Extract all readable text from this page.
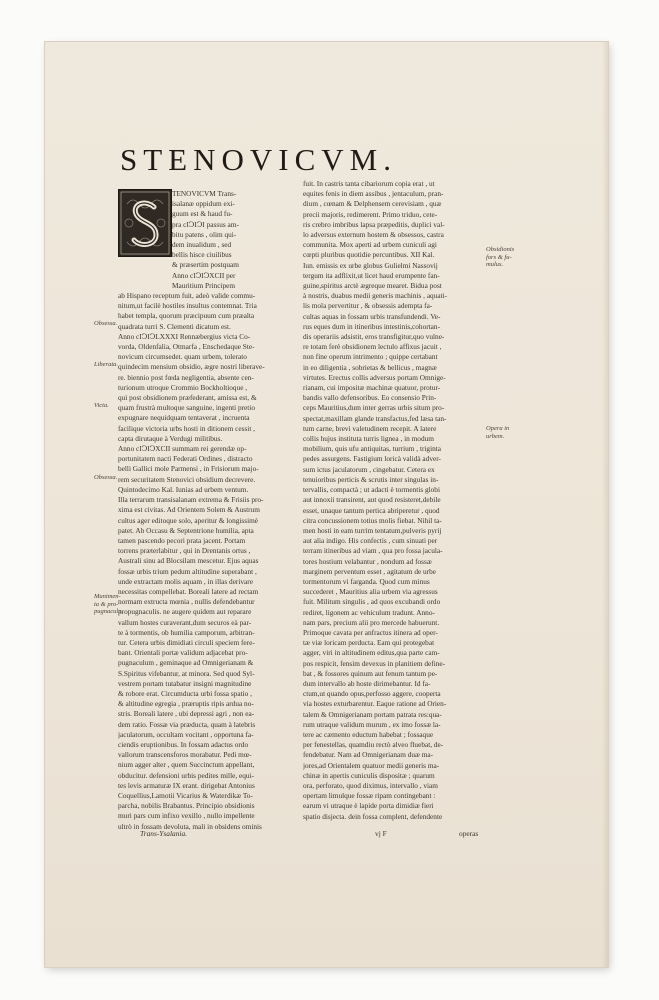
STENOVICVM.
TENOVICVM Trans-
isalanæ oppidum exi-
guum est & haud fu-
pra cIↃIↃI passus am-
bitu patens , olim qui-
dem inualidum , sed
bellis hisce ciuilibus
& præsertim postquam
Anno cIↃIↃXCII per
Mauritium Principem
ab Hispano receptum fuit, adeò valide commu-
nitum,ut facilè hostiles insultus contemnat. Tria
habet templa, quorum præcipuum cum præalta
quadrata turri S. Clementi dicatum est.
Anno cIↃIↃLXXXI Rennæbergius victa Co-
vorda, Oldenfalia, Otmarfa , Enschedaque Ste-
novicum circumsedet. quam urbem, tolerato
quindecim mensium obsidio, ægre nostri liberave-
re. biennio post fœda negligentia, absente cen-
turionum utroque Crommio Bockholtioque ,
qui post obsidionem præfederant, amissa est, &
quam frustrà multoque sanguine, ingenti pretio
expugnare nequidquam tentaverat , incruenta
facilique victoria urbs hosti in ditionem cessit ,
capta dirutaque à Verdugi militibus.
Anno cIↃIↃXCII summam rei gerendæ op-
portunitatem nacti Federati Ordines , distracto
belli Gallici mole Parmensi , in Frisiorum majo-
rem securitatem Stenovici obsidium decrevere.
Quintodecimo Kal. Iunias ad urbem ventum.
Illa terrarum transisalanam extrema & Frisiis pro-
xima est civitas. Ad Orientem Solem & Austrum
cultus ager editoque solo, aperitur & longissimè
patet. Ab Occasu & Septentrione humilia, apta
tamen pascendo pecori prata jacent. Portam
torrens præterlabitur , qui in Drentanis ortus ,
Australi sinu ad Blocsilam mescetur. Ejus aquas
fossæ urbis trium pedum altitudine superabant ,
unde extractam molis aquam , in illas derivare
necessitas compellebat. Boreali latere ad rectam
normam extructa mœnia , nullis defendebantur
propugnaculis. ne augere quidem aut reparare
vallum hostes curaverant,dum securos eà par-
te à tormentis, ob humilia camporum, arbitran-
tur. Cetera urbis dimidiati circuli speciem fere-
bant. Orientali portæ validum adjacebat pro-
pugnaculum , geminaque ad Omnigerianam &
S.Spiritus vifebantur, at minora. Sed quod Syl-
vestrem portam tutabatur insigni magnitudine
& robore erat. Circumducta urbi fossa spatio ,
& altitudine egregia , præruptis ripis ardua no-
stris. Boreali latere , ubi depressi agri , non ea-
dem ratio. Fossæ via præducta, quam à latebris
jaculatorum, occultam vocitant , opportuna fa-
ciendis eruptionibus. In fossam adactus ordo
vallorum transcensforos morabatur. Pedi mœ-
nium agger alter , quem Succinctum appellant,
obducitur. defensioni urbis pedites mille, equi-
tes levis armaturæ IX erant. dirigebat Antonius
Coquellius,Lamotii Vicarius & Waterdikæ To-
parcha, nobilis Brabantus. Principio obsidionis
muri pars cum infixo vexillo , nullo impellente
ultrò in fossam devoluta, mali in obsidens ominis
fuit. In castris tanta cibariorum copia erat , ut
equites fenis in diem assibus , jentaculum, pran-
dium , cœnam & Delphensem cerevisiam , quæ
precii majoris, redimerent. Primo triduo, cete-
ris crebro imbribus lapsa præpeditis, duplici val-
lo adversus externum hostem & obsessos, castra
communita. Mox aperti ad urbem cuniculi agi
cœpti pluribus quotidie percuntibus. XII Kal.
Iun. emissis ex urbe globus Gulielmi Nassovij
tergum ita adflixit,ut licet haud erumpente fan-
guine,spiritus arctè ægreque mearet. Bidua post
à nostris, duabus medii generis machinis , aquati-
lis mola pervertitur , & obsessis adempta fa-
cultas aquas in fossam urbis transfundendi. Ve-
rus eques dum in itineribus intestinis,cohortan-
dis operariis adsistit, eros transfigitur,quo vulne-
re totam ferè obsidionem lectulo affixus jacuit ,
non fine operum intrimento ; quippe certabant
in eo diligentia , sobrietas & bellicus , magnæ
virtutes. Erectus collis adversus portam Omnige-
rianam, cui impositæ machinæ quatuor, protur-
bandis vallo defensoribus. Eo consensio Prin-
ceps Mauritius,dum inter gerras urbis situm pro-
spectat,maxillam glande transfactus,fed læsa tan-
tum carne, brevi valetudinem recepit. A latere
collis hujus instituta turris lignea , in modum
mobilium, quis ufu antiquitas, turrium , triginta
pedes assurgens. Fastigium loricà validà adver-
sum ictus jaculatorum , cingebatur. Cetera ex
tenuioribus perticis & scrutis inter singulas in-
tervallis, compactà ; ut adacti è tormentis globi
aut innoxii transirent, aut quod resisteret,debile
esset, unaque tantum pertica abriperetur , quod
citra concussionem totius molis fiebat. Nihil ta-
men hosti in eam turrim tentatum,pulveris pyrij
aut alia indigo. His confectis , cum sinuati per
terram itineribus ad viam , qua pro fossa jacula-
tores hostium velabantur , nondum ad fossæ
marginem perventum esset , agitatum de urbe
tormentorum vi farganda. Quod cum minus
succederet , Mauritius alia urbem via agressus
fuit. Militum singulis , ad quos excubandi ordo
rediret, ligonem ac vehiculum tradunt. Anno-
nam pars, precium alii pro mercede habuerunt.
Primoque cavata per anfractus itinera ad oper-
tæ viæ loricam perducta. Eam qui protegebat
agger, viri in altitudinem editus,qua parte cam-
pos respicit, fensim devexus in planitiem define-
bat , & fossores quinum aut fenum tantum pe-
dum intervallo ab hoste dirimebantur. Id fa-
ctum,ut quando opus,perfosso aggere, cooperta
via hostes exturbarentur. Eaque ratione ad Orien-
talem & Omnigerianam portam patrata res:qua-
rum utraque validum murum , ex imo fossæ la-
tere ac cæmento eductum habebat ; fossaque
per fenestellas, quamdiu rectò alveo fluebat, de-
fendebatur. Nam ad Omnigerianam duæ ma-
jores,ad Orientalem quatuor medii generis ma-
chinæ in apertis cuniculis dispositæ ; quarum
ora, perforato, quod diximus, intervallo , viam
opertam limulque fossæ ripam contingebant :
earum vi utraque è lapide porta dimidiæ fieri
spatio disjecta. dein fossa complent, defendente
Obsessa.
Liberata.
Victa.
Obsessa.
Munimen- ta & pro- pugnacula.
Obsidionis fors & fu- mulus.
Opera in urbem.
Trans-Ysalania.	vj F	operas
